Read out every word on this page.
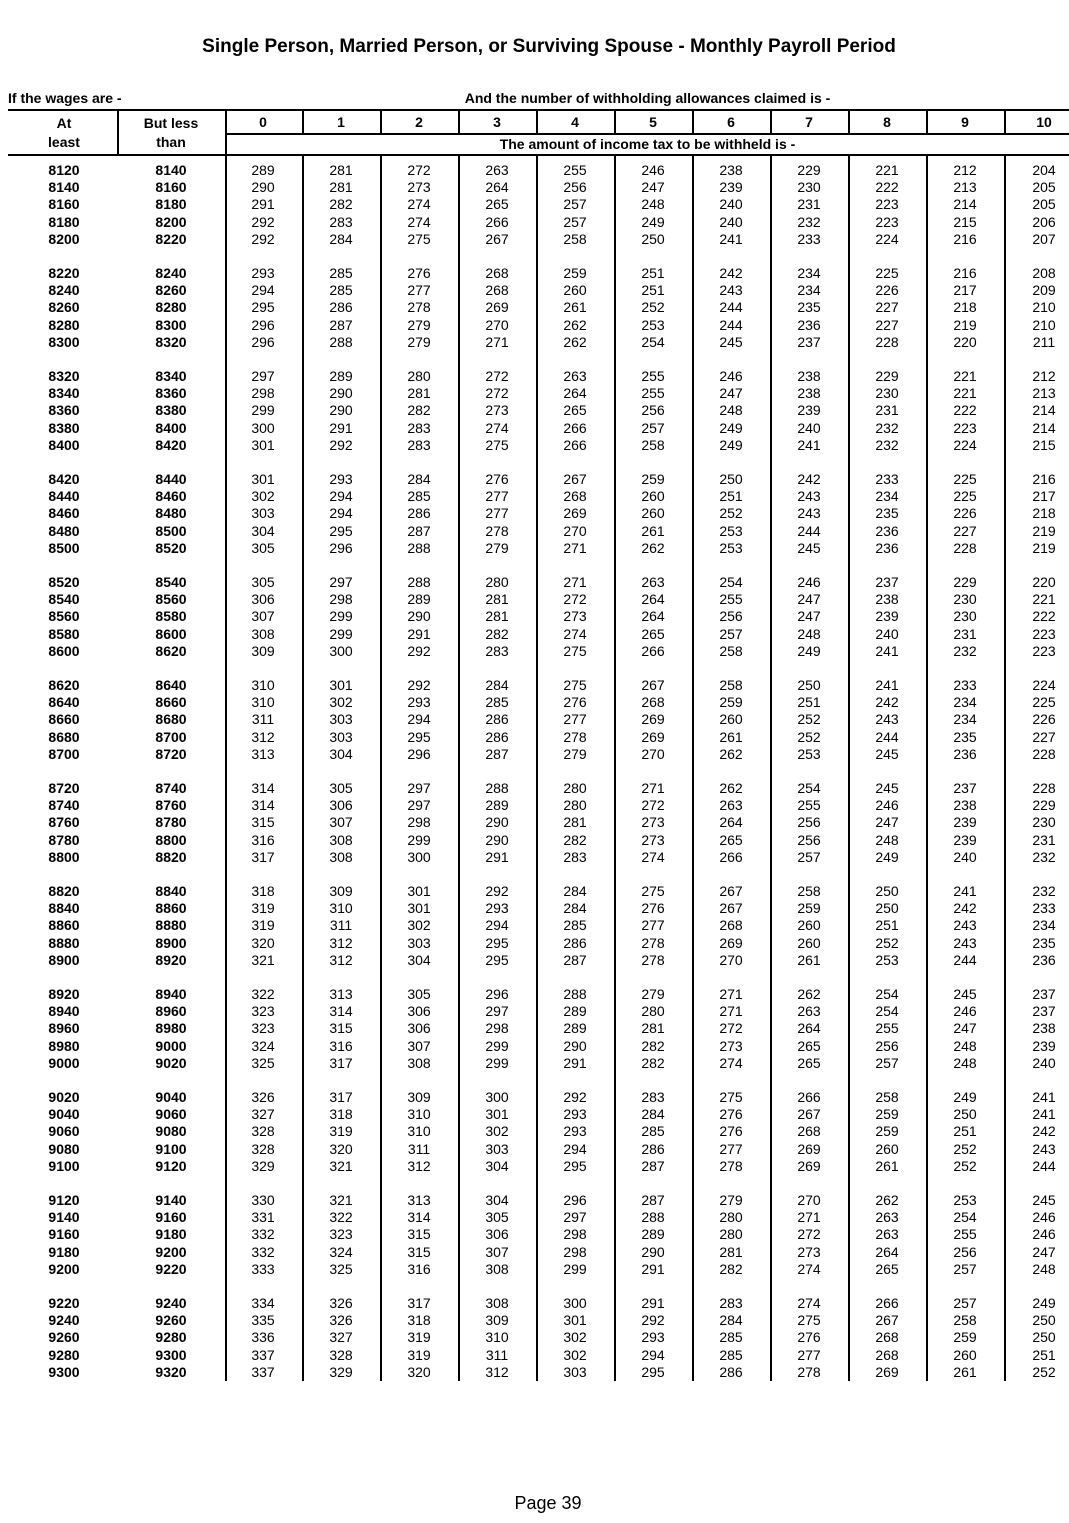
Single Person, Married Person, or Surviving Spouse - Monthly Payroll Period
If the wages are -	And the number of withholding allowances claimed is -
At
least
But less
than
0	1	2	3	4	5	6	7	8	9	10
The amount of income tax to be withheld is -
8120	8140	289	281	272	263	255	246	238	229	221	212	204
8140	8160	290	281	273	264	256	247	239	230	222	213	205
8160	8180	291	282	274	265	257	248	240	231	223	214	205
8180	8200	292	283	274	266	257	249	240	232	223	215	206
8200	8220	292	284	275	267	258	250	241	233	224	216	207
8220	8240	293	285	276	268	259	251	242	234	225	216	208
8240	8260	294	285	277	268	260	251	243	234	226	217	209
8260	8280	295	286	278	269	261	252	244	235	227	218	210
8280	8300	296	287	279	270	262	253	244	236	227	219	210
8300	8320	296	288	279	271	262	254	245	237	228	220	211
8320	8340	297	289	280	272	263	255	246	238	229	221	212
8340	8360	298	290	281	272	264	255	247	238	230	221	213
8360	8380	299	290	282	273	265	256	248	239	231	222	214
8380	8400	300	291	283	274	266	257	249	240	232	223	214
8400	8420	301	292	283	275	266	258	249	241	232	224	215
8420	8440	301	293	284	276	267	259	250	242	233	225	216
8440	8460	302	294	285	277	268	260	251	243	234	225	217
8460	8480	303	294	286	277	269	260	252	243	235	226	218
8480	8500	304	295	287	278	270	261	253	244	236	227	219
8500	8520	305	296	288	279	271	262	253	245	236	228	219
8520	8540	305	297	288	280	271	263	254	246	237	229	220
8540	8560	306	298	289	281	272	264	255	247	238	230	221
8560	8580	307	299	290	281	273	264	256	247	239	230	222
8580	8600	308	299	291	282	274	265	257	248	240	231	223
8600	8620	309	300	292	283	275	266	258	249	241	232	223
8620	8640	310	301	292	284	275	267	258	250	241	233	224
8640	8660	310	302	293	285	276	268	259	251	242	234	225
8660	8680	311	303	294	286	277	269	260	252	243	234	226
8680	8700	312	303	295	286	278	269	261	252	244	235	227
8700	8720	313	304	296	287	279	270	262	253	245	236	228
8720	8740	314	305	297	288	280	271	262	254	245	237	228
8740	8760	314	306	297	289	280	272	263	255	246	238	229
8760	8780	315	307	298	290	281	273	264	256	247	239	230
8780	8800	316	308	299	290	282	273	265	256	248	239	231
8800	8820	317	308	300	291	283	274	266	257	249	240	232
8820	8840	318	309	301	292	284	275	267	258	250	241	232
8840	8860	319	310	301	293	284	276	267	259	250	242	233
8860	8880	319	311	302	294	285	277	268	260	251	243	234
8880	8900	320	312	303	295	286	278	269	260	252	243	235
8900	8920	321	312	304	295	287	278	270	261	253	244	236
8920	8940	322	313	305	296	288	279	271	262	254	245	237
8940	8960	323	314	306	297	289	280	271	263	254	246	237
8960	8980	323	315	306	298	289	281	272	264	255	247	238
8980	9000	324	316	307	299	290	282	273	265	256	248	239
9000	9020	325	317	308	299	291	282	274	265	257	248	240
9020	9040	326	317	309	300	292	283	275	266	258	249	241
9040	9060	327	318	310	301	293	284	276	267	259	250	241
9060	9080	328	319	310	302	293	285	276	268	259	251	242
9080	9100	328	320	311	303	294	286	277	269	260	252	243
9100	9120	329	321	312	304	295	287	278	269	261	252	244
9120	9140	330	321	313	304	296	287	279	270	262	253	245
9140	9160	331	322	314	305	297	288	280	271	263	254	246
9160	9180	332	323	315	306	298	289	280	272	263	255	246
9180	9200	332	324	315	307	298	290	281	273	264	256	247
9200	9220	333	325	316	308	299	291	282	274	265	257	248
9220	9240	334	326	317	308	300	291	283	274	266	257	249
9240	9260	335	326	318	309	301	292	284	275	267	258	250
9260	9280	336	327	319	310	302	293	285	276	268	259	250
9280	9300	337	328	319	311	302	294	285	277	268	260	251
9300	9320	337	329	320	312	303	295	286	278	269	261	252
Page 39
